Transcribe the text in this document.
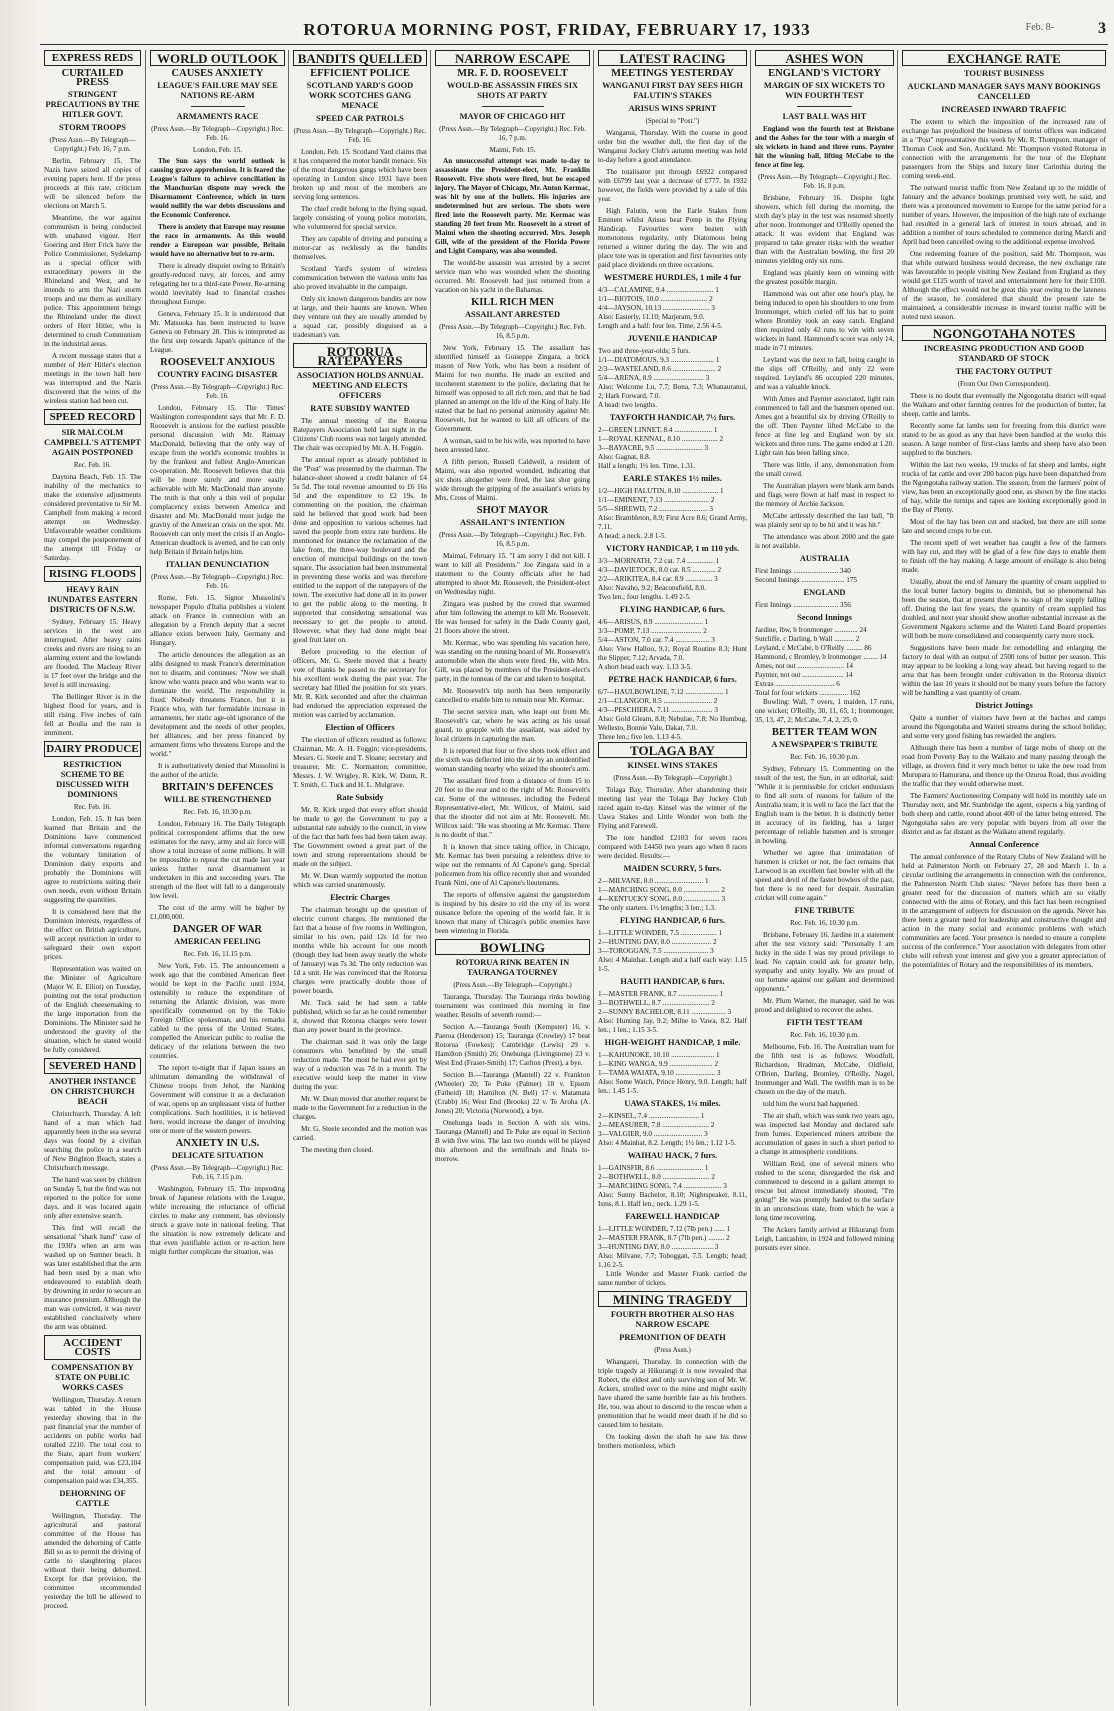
ROTORUA MORNING POST, FRIDAY, FEBRUARY 17, 1933	Feb. 8-	3
EXPRESS REDS
CURTAILED PRESS
STRINGENT PRECAUTIONS BY THE HITLER GOVT.
STORM TROOPS
(Press Assn.—By Telegraph—Copyright.) Feb. 16, 7 p.m.

Berlin, February 15. The Nazis have seized all copies of evening papers here. If the press proceeds at this rate, criticism will be silenced before the elections on March 5.

Meantime, the war against communism is being conducted with unabated vigour. Herr Goering and Herr Frick have the Police Commissioner, Sydekamp as a special officer with extraordinary powers in the Rhineland and West, and he intends to arm the Nazi storm troops and use them as auxiliary police. This appointment brings the Rhineland under the direct orders of Herr Hitler, who is determined to crush Communism in the industrial areas.

A recent message states that a number of Herr Hitler's election meetings in the town hall here was interrupted and the Nazis discovered that the wires of the wireless station had been cut.

SPEED RECORD
SIR MALCOLM CAMPBELL'S ATTEMPT AGAIN POSTPONED
Rec. Feb. 16.

Daytona Beach, Feb. 15. The inability of the mechanics to make the extensive adjustments considered preventative to Sir M. Campbell from making a record attempt on Wednesday. Unfavourable weather conditions may compel the postponement of the attempt till Friday or Saturday.

RISING FLOODS
HEAVY RAIN INUNDATES EASTERN DISTRICTS OF N.S.W.

Sydney, February 15. Heavy services in the west are interrupted. After heavy rains creeks and rivers are rising to an alarming extent and the lowlands are flooded. The Macleay River is 17 feet over the bridge and the level is still increasing.

The Bellinger River is in the highest flood for years, and is still rising. Five inches of rain fell at Boulia and the rain is imminent.

DAIRY PRODUCE
RESTRICTION SCHEME TO BE DISCUSSED WITH DOMINIONS
Rec. Feb. 16.

London, Feb. 15. It has been learned that Britain and the Dominions have commenced informal conversations regarding the voluntary limitation of Dominion dairy exports and probably the Dominions will agree to restrictions suiting their own needs, even without Britain suggesting the quantities.

It is considered here that the Dominion interests, regardless of the effect on British agriculture, will accept restriction in order to safeguard their own export prices.

Representation was waited on the Minister of Agriculture (Major W. E. Elliot) on Tuesday, pointing out the total production of the English cheesemaking to the large importation from the Dominions. The Minister said he understood the gravity of the situation, which he stated would be fully considered.

SEVERED HAND
ANOTHER INSTANCE ON CHRISTCHURCH BEACH

Christchurch, Thursday. A left hand of a man which had apparently been in the sea several days was found by a civilian searching the police in a search of New Brighton Beach, states a Christchurch message.

The hand was seen by children on Sunday 5, but the find was not reported to the police for some days, and it was located again only after extensive search.

This find will recall the sensational "shark hand" case of the 1930's when an arm was washed up on Sumner beach. It was later established that the arm had been used by a man who endeavoured to establish death by drowning in order to secure an insurance premium. Although the man was convicted, it was never established conclusively where the arm was obtained.

ACCIDENT COSTS
COMPENSATION BY STATE ON PUBLIC WORKS CASES

Wellington, Thursday. A return was tabled in the House yesterday showing that in the past financial year the number of accidents on public works had totalled 2210. The total cost to the State, apart from workers' compensation paid, was £23,104 and the total amount of compensation paid was £34,355.

DEHORNING OF CATTLE

Wellington, Thursday. The agricultural and pastoral committee of the House has amended the dehorning of Cattle Bill so as to permit the driving of cattle to slaughtering places without their being dehorned. Except for that provision, the committee recommended yesterday the bill be allowed to proceed.

WORLD OUTLOOK
CAUSES ANXIETY
LEAGUE'S FAILURE MAY SEE NATIONS RE-ARM
ARMAMENTS RACE
(Press Assn.—By Telegraph—Copyright.) Rec. Feb. 16.
London, Feb. 15.

The Sun says the world outlook is causing grave apprehension. It is feared the League's failure to achieve conciliation in the Manchurian dispute may wreck the Disarmament Conference, which in turn would nullify the war debts discussions and the Economic Conference.

There is anxiety that Europe may resume the race in armaments. As this would render a European war possible, Britain would have no alternative but to re-arm.

There is already disquiet owing to Britain's greatly-reduced navy, air forces, and army relegating her to a third-rate Power. Re-arming would inevitably lead to financial crashes throughout Europe.

Geneva, February 15. It is understood that Mr. Matsuoka has been instructed to leave Geneva on February 28. This is interpreted as the first step towards Japan's quittance of the League.

ROOSEVELT ANXIOUS
COUNTRY FACING DISASTER
(Press Assn.—By Telegraph—Copyright.) Rec. Feb. 16.

London, February 15. The Times' Washington correspondent says that Mr. F. D. Roosevelt is anxious for the earliest possible personal discussion with Mr. Ramsay MacDonald, believing that the only way of escape from the world's economic troubles is by the frankest and fullest Anglo-American co-operation. Mr. Roosevelt believes that this will be more surely and more easily achievable with Mr. MacDonald than anyone. The truth is that only a thin veil of popular complacency exists between America and disaster and Mr. MacDonald must judge the gravity of the American crisis on the spot. Mr. Roosevelt can only meet the crisis if an Anglo-American deadlock is averted, and he can only help Britain if Britain helps him.

ITALIAN DENUNCIATION
(Press Assn.—By Telegraph—Copyright.) Rec. Feb. 16.

Rome, Feb. 15. Signor Mussolini's newspaper Popolo d'Italia publishes a violent attack on France in connection with an allegation by a French deputy that a secret alliance exists between Italy, Germany and Hungary.

The article denounces the allegation as an alibi designed to mask France's determination not to disarm, and continues: "Now we shall know who wants peace and who wants war to dominate the world. The responsibility is fixed. Nobody threatens France, but it is France who, with her formidable increase in armaments, her static age-old ignorance of the development and the needs of other peoples, her alliances, and her press financed by armament firms who threatens Europe and the world."

It is authoritatively denied that Mussolini is the author of the article.

BRITAIN'S DEFENCES
WILL BE STRENGTHENED
Rec. Feb. 16, 10.30 p.m.

London, February 16. The Daily Telegraph political correspondent affirms that the new estimates for the navy, army and air force will show a total increase of some millions. It will be impossible to repeat the cut made last year unless further naval disarmament is undertaken in this and succeeding years. The strength of the fleet will fall to a dangerously low level.

The cost of the army will be higher by £1,000,000.

DANGER OF WAR
AMERICAN FEELING
Rec. Feb. 16, 11.15 p.m.

New York, Feb. 15. The announcement a week ago that the combined American fleet would be kept in the Pacific until 1934, ostensibly to reduce the expenditure of returning the Atlantic division, was more specifically commented on by the Tokio Foreign Office spokesman, and his remarks cabled to the press of the United States, compelled the American public to realise the delicacy of the relations between the two countries.

The report to-night that if Japan issues an ultimatum demanding the withdrawal of Chinese troops from Jehol, the Nanking Government will construe it as a declaration of war, opens up an unpleasant vista of further complications. Such hostilities, it is believed here, would increase the danger of involving one or more of the western powers.

ANXIETY IN U.S.
DELICATE SITUATION
(Press Assn.—By Telegraph—Copyright.) Rec. Feb. 16, 7.15 p.m.

Washington, February 15. The impending break of Japanese relations with the League, while increasing the reluctance of official circles to make any comment, has obviously struck a grave note in national feeling. That the situation is now extremely delicate and that even justifiable action or re-action here might further complicate the situation, was

BANDITS QUELLED
EFFICIENT POLICE
SCOTLAND YARD'S GOOD WORK SCOTCHES GANG MENACE
SPEED CAR PATROLS
(Press Assn.—By Telegraph—Copyright.) Rec. Feb. 16.

London, Feb. 15. Scotland Yard claims that it has conquered the motor bandit menace. Six of the most dangerous gangs which have been operating in London since 1931 have been broken up and most of the members are serving long sentences.

The chief credit belong to the flying squad, largely consisting of young police motorists, who volunteered for special service.

They are capable of driving and pursuing a motor-car as recklessly as the bandits themselves.

Scotland Yard's system of wireless communication between the various units has also proved invaluable in the campaign.

Only six known dangerous bandits are now at large, and their haunts are known. When they venture out they are usually attended by a squad car, possibly disguised as a tradesman's van.

ROTORUA RATEPAYERS
ASSOCIATION HOLDS ANNUAL MEETING AND ELECTS OFFICERS
RATE SUBSIDY WANTED

The annual meeting of the Rotorua Ratepayers Association held last night in the Citizens' Club rooms was not largely attended. The chair was occupied by Mr. A. H. Foggin.

The annual report as already published in the "Post" was presented by the chairman. The balance-sheet showed a credit balance of £4 5s 5d. The total revenue amounted to £6 16s 5d and the expenditure to £2 19s. In commenting on the position, the chairman said he believed that good work had been done and opposition to various schemes had saved the people from extra rate burdens. He mentioned for instance the reclamation of the lake front, the three-way boulevard and the erection of municipal buildings on the town square. The association had been instrumental in preventing these works and was therefore entitled to the support of the ratepayers of the town. The executive had done all in its power to get the public along to the meeting. It supported that considering sensational was necessary to get the people to attend. However, what they had done might bear good fruit later on.

Before proceeding to the election of officers, Mr. G. Steele moved that a hearty vote of thanks be passed to the secretary for his excellent work during the past year. The secretary had filled the position for six years. Mr. R. Kirk seconded and after the chairman had endorsed the appreciation expressed the motion was carried by acclamation.

Election of Officers

The election of officers resulted as follows: Chairman, Mr. A. H. Foggin; vice-presidents, Messrs. G. Steele and T. Sloane; secretary and treasurer, Mr. C. Normanton; committee, Messrs. J. W. Wrigley, R. Kirk, W. Dunn, R. T. Smith, C. Tuck and H. L. Mulgrave.

Rate Subsidy

Mr. R. Kirk urged that every effort should be made to get the Government to pay a substantial rate subsidy to the council, in view of the fact that bath fees had been taken away. The Government owned a great part of the town and strong representations should be made on the subject.

Mr. W. Dean warmly supported the motion which was carried unanimously.

Electric Charges

The chairman brought up the question of electric current charges. He mentioned the fact that a house of five rooms in Wellington, similar to his own, paid 12s 1d for two months while his account for one month (though they had been away nearly the whole of January) was 7s 3d. The only reduction was 1d a unit. He was convinced that the Rotorua charges were practically double those of power boards.

Mr. Tuck said he had seen a table published, which so far as he could remember it, showed that Rotorua charges were lower than any power board in the province.

The chairman said it was only the large consumers who benefitted by the small reduction made. The most he had ever got by way of a reduction was 7d in a month. The executive would keep the matter in view during the year.

Mr. W. Dean moved that another request be made to the Government for a reduction in the charges.

Mr. G. Steele seconded and the motion was carried.

The meeting then closed.

NARROW ESCAPE
MR. F. D. ROOSEVELT
WOULD-BE ASSASSIN FIRES SIX SHOTS AT PARTY
MAYOR OF CHICAGO HIT
(Press Assn.—By Telegraph—Copyright.) Rec. Feb. 16, 7 p.m.
Maimi, Feb. 15.

An unsuccessful attempt was made to-day to assassinate the President-elect, Mr. Franklin Roosevelt. Five shots were fired, but he escaped injury. The Mayor of Chicago, Mr. Anton Kermac, was hit by one of the bullets. His injuries are undetermined but are serious. The shots were fired into the Roosevelt party. Mr. Kermac was standing 20 feet from Mr. Roosevelt in a street of Maimi when the shooting occurred. Mrs. Joseph Gill, wife of the president of the Florida Power and Light Company, was also wounded.

The would-be assassin was arrested by a secret service man who was wounded when the shooting occurred. Mr. Roosevelt had just returned from a vacation on his yacht in the Bahamas.

KILL RICH MEN
ASSAILANT ARRESTED
(Press Assn.—By Telegraph—Copyright.) Rec. Feb. 16, 8.5 p.m.

New York, February 15. The assailant has identified himself as Guiseppe Zingara, a brick mason of New York, who has been a resident of Maimi for two months. He made an excited and incoherent statement to the police, declaring that he himself was opposed to all rich men, and that he had planned an attempt on the life of the King of Italy. He stated that he had no personal animosity against Mr. Roosevelt, but he wanted to kill all officers of the Government.

A woman, said to be his wife, was reported to have been arrested later.

A fifth person, Russell Caldwell, a resident of Maimi, was also reported wounded, indicating that six shots altogether were fired, the last shot going wide through the gripping of the assailant's wrists by Mrs. Cross of Maimi.

SHOT MAYOR
ASSAILANT'S INTENTION
(Press Assn.—By Telegraph—Copyright.) Rec. Feb. 16, 8.5 p.m.

Maimai, February 15. "I am sorry I did not kill. I want to kill all Presidents." Joe Zingara said in a statement to the County officials after he had attempted to shoot Mr. Roosevelt, the President-elect on Wednesday night.

Zingara was pushed by the crowd that swarmed after him following the attempt to kill Mr. Roosevelt. He was housed for safety in the Dade County gaol, 21 floors above the street.

Mr. Kermac, who was spending his vacation here, was standing on the running board of Mr. Roosevelt's automobile when the shots were fired. He, with Mrs. Gill, was placed by members of the President-elect's party, in the tonneau of the car and taken to hospital.

Mr. Roosevelt's trip north has been temporarily cancelled to enable him to remain near Mr. Kermac.

The secret service man, who leapt out from Mr. Roosevelt's car, where he was acting as his usual guard, to grapple with the assailant, was aided by local citizens in capturing the man.

It is reported that four or five shots took effect and the sixth was deflected into the air by an unidentified woman standing nearby who seized the shooter's arm.

The assailant fired from a distance of from 15 to 20 feet to the rear and to the right of Mr. Roosevelt's car. Some of the witnesses, including the Federal Representative-elect, Mr. Willcox, of Maimi, said that the shooter did not aim at Mr. Roosevelt. Mr. Willcox said: "He was shooting at Mr. Kermac. There is no doubt of that."

It is known that since taking office, in Chicago, Mr. Kermac has been pursuing a relentless drive to wipe out the remnants of Al Capone's gang. Special policemen from his office recently shot and wounded Frank Nitti, one of Al Capone's lieutenants.

The reports of offensive against the gangsterdom is inspired by his desire to rid the city of its worst nuisance before the opening of the world fair. It is known that many of Chicago's public enemies have been wintering in Florida.

BOWLING
ROTORUA RINK BEATEN IN TAURANGA TOURNEY
(Press Assn.—By Telegraph—Copyright.)

Tauranga, Thursday. The Tauranga rinks bowling tournament was continued this morning in fine weather. Results of seventh round:—

Section A.—Tauranga South (Kempster) 16, v. Paeroa (Henderson) 15; Tauranga (Crowley) 17 beat Rotorua (Fowkes); Cambridge (Lewis) 29 v. Hamilton (Smith) 26; Onehunga (Livingstone) 23 v. West End (Fraser-Smith) 17; Carlton (Prest), a bye.

Section B.—Tauranga (Mantell) 22 v. Frankton (Wheeler) 20; Te Puke (Palmer) 18 v. Epsom (Fatheid) 18; Hamilton (N. Bell) 17 v. Matamata (Crabb) 16; West End (Brooks) 22 v. Te Aroha (A. Jones) 20; Victoria (Norwood), a bye.

Onehunga leads in Section A with six wins, Tauranga (Mantell) and Te Puke are equal in Section B with five wins. The last two rounds will be played this afternoon and the semifinals and finals to-morrow.

LATEST RACING
MEETINGS YESTERDAY
WANGANUI FIRST DAY SEES HIGH FALUTIN'S STAKES
ARISUS WINS SPRINT
(Special to "Post.")

Wanganui, Thursday. With the course in good order but the weather dull, the first day of the Wanganui Jockey Club's autumn meeting was held to-day before a good attendance.

The totalisator put through £6922 compared with £6799 last year a decrease of £777. In 1932 however, the fields were provided by a sale of this year.

High Falutin, won the Earle Stakes from Eminent whilst Arisus beat Pomp in the Flying Handicap. Favourites were beaten with monotonous regularity, only Diatomous being returned a winner during the day. The win and place tote was in operation and first favourites only paid place dividends on three occasions.

WESTMERE HURDLES, 1 mile 4 fur

4/3—CALAMINE, 9.4 .......................... 1

1/1—BIOTOIS, 10.0 .......................... 2

4/4—JAYSON, 10.13 .......................... 3

Also: Easterly, 11.10; Marjeram, 9.0.

Length and a half: four len. Time, 2.56 4-5.

JUVENILE HANDICAP

Two and three-year-olds; 5 furs.

1/1—DIATOMOUS, 9.3 ........................ 1

2/3—WASTELAND, 8.6 ........................ 2

5/4—ARENA, 8.9 ............................ 3

Also: Welcome Lu, 7.7; Bona, 7.3; Whanauranui, 2; Hark Forward, 7.0.

A head: two lengths.

TAYFORTH HANDICAP, 7½ furs.

2—GREEN LINNET, 8.4 ..................... 1

1—ROYAL KENNAL, 8.10 .................... 2

3—BAYACRE, 9.5 .......................... 3

Also: Gagnat, 8.8.

Half a length; 1½ len. Time, 1.31.

EARLE STAKES 1½ miles.

1/2—HIGH FALUTIN, 8.10 .................... 1

1/1—EMINENT, 7.13 ......................... 2

5/5—SHREWD, 7.2 ........................... 3

Also: Brambleton, 8.9; First Acre 8.6; Grand Army, 7.11.

A head; a neck. 2.8 1-5.

VICTORY HANDICAP, 1 m 110 yds.

3/3—MORNATH, 7.2 cat. 7.4 ............... 1

4/3—DAVIETOCK, 8.0 cat. 8.5 ............. 2

2/2—ARIKITEA, 8.4 car. 8.9 ............... 3

Also: Navaho, 9.2; Beaconsfield, 8.0.

Two len.; four lengths. 1.49 2-5.

FLYING HANDICAP, 6 furs.

4/6—ARISUS, 8.9 ........................... 1

3/3—POMP, 7.13 ............................ 2

5/4—ASTON, 7.0 car. 7.4 ................... 3

Also: View Halloo, 9.1; Royal Routine 8.3; Hunt the Slipper, 7.12; Arvada, 7.0.

A short head each way. 1.13 3-5.

PETRE HACK HANDICAP, 6 furs.

6/7—HAULBOWLINE, 7.12 ..................... 1

2/1—CLANGOR, 8.5 ........................... 2

4/3—PESCHIERA, 7.11 ....................... 3

Also: Gold Gleam, 8.8; Nebulae, 7.8; No Humbug, Wellesto, Bonnie Vale, Dakar, 7.0.

Three len.; five len. 1.13 4-5.

TOLAGA BAY
KINSEL WINS STAKES
(Press Assn.—By Telegraph—Copyright.)

Tolaga Bay, Thursday. After abandoning their meeting last year the Tolaga Bay Jockey Club raced again to-day. Kinsel was the winner of the Uawa Stakes and Little Wonder won both the Flying and Farewell.

The tote handled £2103 for seven races compared with £4450 two years ago when 8 races were decided. Results:—

MAIDEN SCURRY, 5 furs.

2—MILVANE, 8.0 ........................... 1

1—MARCHING SONG, 8.0 .................... 2

4—KENTUCKY SONG, 8.0 .................... 3

The only starters. 1½ lengths; 3 len.; 1.3.

FLYING HANDICAP, 6 furs.

1—LITTLE WONDER, 7.5 .................... 1

2—HUNTING DAY, 8.0 ...................... 2

3—TOROGGAN, 7.5 ......................... 3

Also: 4 Mainhat. Length and a half each way: 1.15 1-5.

HAUITI HANDICAP, 6 furs.

1—MASTER FRANK, 8.7 ...................... 1

3—BOTHWELL, 8.7 .......................... 2

2—SUNNY BACHELOR, 8.11 ................... 3

Also: Hunting Jay, 9.2; Milne to Vawa, 8.2. Half len.; 1 len.; 1.15 3-5.

HIGH-WEIGHT HANDICAP, 1 mile.

1—KAHUNOKE, 10.10 ........................ 1

1—KING WANGA, 9.9 ........................ 2

1—TAMA WAIATA, 9.10 ...................... 3

Also: Some Watch, Prince Henry, 9.0. Length; half len.: 1.45 1-5.

UAWA STAKES, 1¼ miles.

2—KINSEL, 7.4 ............................ 1

2—MEASURER, 7.8 .......................... 2

3—VALGIER, 9.0 ........................... 3

Also: 4 Mainhat, 8.2. Length; 1½ len.; 1.12 1-5.

WAIHAU HACK, 7 furs.

1—GAINSFIR, 8.6 .......................... 1

2—BOTHWELL, 8.0 .......................... 2

3—MARCHING SONG, 7.4 ..................... 3

Also: Sunny Bachelor, 8.10; Nightspeaker, 8.11, Isms, 8.1. Half len.; neck. 1.29 1-5.

FAREWELL HANDICAP

1—LITTLE WONDER, 7.12 (7lb pen.) ...... 1

2—MASTER FRANK, 8.7 (7lb pen.) ......... 2

3—HUNTING DAY, 8.0 ....................... 3

Also: Milvane, 7.7; Toboggan, 7.5. Length; head; 1.16 2-5.

Little Wonder and Master Frank carried the same number of tickets.

MINING TRAGEDY
FOURTH BROTHER ALSO HAS NARROW ESCAPE
PREMONITION OF DEATH
(Press Assn.)

Whangarei, Thursday. In connection with the triple tragedy at Hikurangi it is now revealed that Robert, the eldest and only surviving son of Mr. W. Ackers, strolled over to the mine and might easily have shared the same horrible fate as his brothers. He, too, was about to descend to the rescue when a premonition that he would meet death if he did so caused him to hesitate.

On looking down the shaft he saw his three brothers motionless, which

ASHES WON
ENGLAND'S VICTORY
MARGIN OF SIX WICKETS TO WIN FOURTH TEST
LAST BALL WAS HIT

England won the fourth test at Brisbane and the Ashes for the tour with a margin of six wickets in hand and three runs. Paynter hit the winning ball, lifting McCabe to the fence at fine leg.

(Press Assn.—By Telegraph—Copyright.) Rec. Feb. 16, 8 p.m.

Brisbane, February 16. Despite light showers, which fell during the morning, the sixth day's play in the test was resumed shortly after noon. Ironmonger and O'Reilly opened the attack. It was evident that England was prepared to take greater risks with the weather than with the Australian bowling, the first 20 minutes yielding only six runs.

England was plainly keen on winning with the greatest possible margin.

Hammond was out after one hour's play, he being induced to open his shoulders to one from Ironmonger, which curled off his bat to point where Bromley took an easy catch. England then required only 42 runs to win with seven wickets in hand. Hammond's score was only 14, made in 71 minutes.

Leyland was the next to fall, being caught in the slips off O'Reilly, and only 22 were required. Leyland's 86 occupied 220 minutes, and was a valuable knock.

With Ames and Paynter associated, light rain commenced to fall and the batsmen opened out. Ames got a beautiful six by driving O'Reilly to the off. Then Paynter lifted McCabe to the fence at fine leg and England won by six wickets and three runs. The game ended at 1.20. Light rain has been falling since.

There was little, if any, demonstration from the small crowd.

The Australian players were blank arm bands and flags were flown at half mast in respect to the memory of Archie Jackson.

McCabe artlessly described the last ball, "It was plainly sent up to be hit and it was hit."

The attendance was about 2000 and the gate is not available.

AUSTRALIA

First Innings ......................... 340

Second Innings ........................ 175

ENGLAND

First Innings ......................... 356

Second Innings

Jardine, lbw, b Ironmonger ............. 24

Sutcliffe, c Darling, b Wall ........... 2

Leyland, c McCabe, b O'Reilly ......... 86

Hammond, c Bromley, b Ironmonger ........ 14

Ames, not out .......................... 14

Paynter, not out ....................... 14

Extras ................................. 6

Total for four wickets ................ 162

Bowling: Wall, 7 overs, 1 maiden, 17 runs, one wicket; O'Reilly, 30, 11, 65, 1; Ironmonger, 35, 13, 47, 2; McCabe, 7.4, 2, 25, 0.

BETTER TEAM WON
A NEWSPAPER'S TRIBUTE
Rec. Feb. 16, 10.30 p.m.

Sydney, February 15. Commenting on the result of the test, the Sun, in an editorial, said: "While it is permissible for cricket enthusiasts to find all sorts of reasons for failure of the Australia team, it is well to face the fact that the English team is the better. It is distinctly better in accuracy of its fielding, has a larger percentage of reliable batsmen and is stronger in bowling.

Whether we agree that intimidation of batsmen is cricket or not, the fact remains that Larwood is an excellent fast bowler with all the speed and devil of the faster bowlers of the past, but there is no need for despair. Australian cricket will come again."

FINE TRIBUTE
Rec. Feb. 16, 10.30 p.m.

Brisbane, February 16. Jardine in a statement after the test victory said: "Personally I am lucky in the side I was my proud privilege to lead. No captain could ask for greater help, sympathy and unity loyally. We are proud of our fortune against our gallant and determined opponents."

Mr. Plum Warner, the manager, said he was proud and delighted to recover the ashes.

FIFTH TEST TEAM
Rec. Feb. 16, 10.30 p.m.

Melbourne, Feb. 16. The Australian team for the fifth test is as follows: Woodfull, Richardson, Bradman, McCabe, Oldfield, O'Brien, Darling, Bromley, O'Reilly, Nagel, Ironmonger and Wall. The twelfth man is to be chosen on the day of the match.

told him the worst had happened.

The air shaft, which was sunk two years ago, was inspected last Monday and declared safe from fumes. Experienced miners attribute the accumulation of gases in such a short period to a change in atmospheric conditions.

William Reid, one of several miners who rushed to the scene, disregarded the risk and commenced to descend in a gallant attempt to rescue but almost immediately shouted, "I'm going!" He was promptly hauled to the surface in an unconscious state, from which he was a long time recovering.

The Ackers family arrived at Hikurangi from Leigh, Lancashire, in 1924 and followed mining pursuits ever since.

EXCHANGE RATE
TOURIST BUSINESS
AUCKLAND MANAGER SAYS MANY BOOKINGS CANCELLED
INCREASED INWARD TRAFFIC

The extent to which the imposition of the increased rate of exchange has prejudiced the business of tourist offices was indicated in a "Post" representative this week by Mr. R. Thompson, manager of Thomas Cook and Son, Auckland. Mr. Thompson visited Rotorua in connection with the arrangements for the tour of the Elephant passengers from the Ships and luxury liner Carinthia during the coming week-end.

The outward tourist traffic from New Zealand up to the middle of January and the advance bookings promised very well, he said, and there was a pronounced movement to Europe for the same period for a number of years. However, the imposition of the high rate of exchange had resulted in a general lack of interest in tours abroad, and in addition a number of tours scheduled to commence during March and April had been cancelled owing to the additional expense involved.

One redeeming feature of the position, said Mr. Thompson, was that while outward business would decrease, the new exchange rate was favourable to people visiting New Zealand from England as they would get £125 worth of travel and entertainment here for their £100. Although the effect would not be great this year owing to the lateness of the season, he considered that should the present rate be maintained, a considerable increase in inward tourist traffic will be noted next season.

NGONGOTAHA NOTES
INCREASING PRODUCTION AND GOOD STANDARD OF STOCK
THE FACTORY OUTPUT
(From Our Own Correspondent).

There is no doubt that eventually the Ngongotaha district will equal the Waikato and other farming centres for the production of butter, fat sheep, cattle and lambs.

Recently some fat lambs sent for freezing from this district were stated to be as good as any that have been handled at the works this season. A large number of first-class lambs and sheep have also been supplied to the butchers.

Within the last two weeks, 19 trucks of fat sheep and lambs, eight trucks of fat cattle and over 200 bacon pigs have been dispatched from the Ngongotaha railway station. The season, from the farmers' point of view, has been an exceptionally good one, as shown by the fine stacks of hay, while the turnips and rapes are looking exceptionally good in the Bay of Plenty.

Most of the hay has been cut and stacked, but there are still some late and second crops to be cut.

The recent spell of wet weather has caught a few of the farmers with hay cut, and they will be glad of a few fine days to enable them to finish off the hay making. A large amount of ensilage is also being made.

Usually, about the end of January the quantity of cream supplied to the local butter factory begins to diminish, but so phenomenal has been the season, that at present there is no sign of the supply falling off. During the last few years, the quantity of cream supplied has doubled, and next year should show another substantial increase as the Government Ngakuru scheme and the Waiteti Land Board properties will both be more consolidated and consequently carry more stock.

Suggestions have been made for remodelling and enlarging the factory to deal with an output of 2500 tons of butter per season. This may appear to be looking a long way ahead, but having regard to the area that has been brought under cultivation in the Rotorua district within the last 10 years it should not be many years before the factory will be handling a vast quantity of cream.

District Jottings

Quite a number of visitors have been at the baches and camps around the Ngongotaha and Waiteti streams during the school holiday, and some very good fishing has rewarded the anglers.

Although there has been a number of large mobs of sheep on the road from Poverty Bay to the Waikato and many passing through the village, as drovers find it very much better to take the new road from Murupara to Hamurana, and thence up the Ozuroa Road, thus avoiding the traffic that they would otherwise meet.

The Farmers' Auctioneering Company will hold its monthly sale on Thursday next, and Mr. Stanbridge the agent, expects a big yarding of both sheep and cattle, round about 400 of the latter being entered. The Ngongotaha sales are very popular with buyers from all over the district and as far distant as the Waikato attend regularly.

Annual Conference

The annual conference of the Rotary Clubs of New Zealand will be held at Palmerston North on February 27, 28 and March 1. In a circular outlining the arrangements in connection with the conference, the Palmerston North Club states: "Never before has there been a greater need for the discussion of matters which are so vitally connected with the aims of Rotary, and this fact has been recognised in the arrangement of subjects for discussion on the agenda. Never has there been a greater need for leadership and constructive thought and action in the many social and economic problems with which communities are faced. Your presence is needed to ensure a complete success of the conference." Your association with delegates from other clubs will refresh your interest and give you a greater appreciation of the potentialities of Rotary and the responsibilities of its members.
